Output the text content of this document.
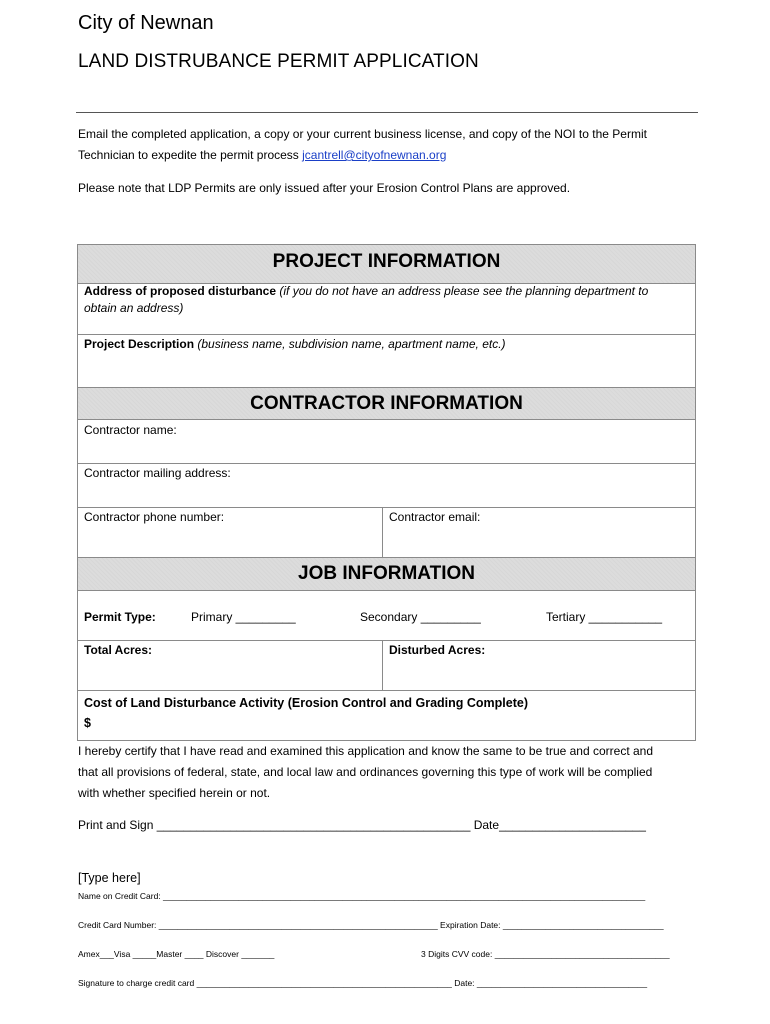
City of Newnan
LAND DISTRUBANCE PERMIT APPLICATION
Email the completed application, a copy or your current business license, and copy of the NOI to the Permit
Technician to expedite the permit process jcantrell@cityofnewnan.org
Please note that LDP Permits are only issued after your Erosion Control Plans are approved.
PROJECT INFORMATION
Address of proposed disturbance (if you do not have an address please see the planning department to
obtain an address)
Project Description (business name, subdivision name, apartment name, etc.)
CONTRACTOR INFORMATION
Contractor name:
Contractor mailing address:
Contractor phone number:	Contractor email:
JOB INFORMATION
Permit Type:	Primary _________	Secondary _________	Tertiary ___________
Total Acres:	Disturbed Acres:
Cost of Land Disturbance Activity (Erosion Control and Grading Complete)
$
I hereby certify that I have read and examined this application and know the same to be true and correct and
that all provisions of federal, state, and local law and ordinances governing this type of work will be complied
with whether specified herein or not.
Print and Sign _______________________________________________ Date______________________
[Type here]
Name on Credit Card: ______________________________________________________________________________________________________
Credit Card Number: ___________________________________________________________ Expiration Date: __________________________________
Amex___Visa _____Master ____ Discover _______	3 Digits CVV code: _____________________________________
Signature to charge credit card ______________________________________________________ Date: ____________________________________
